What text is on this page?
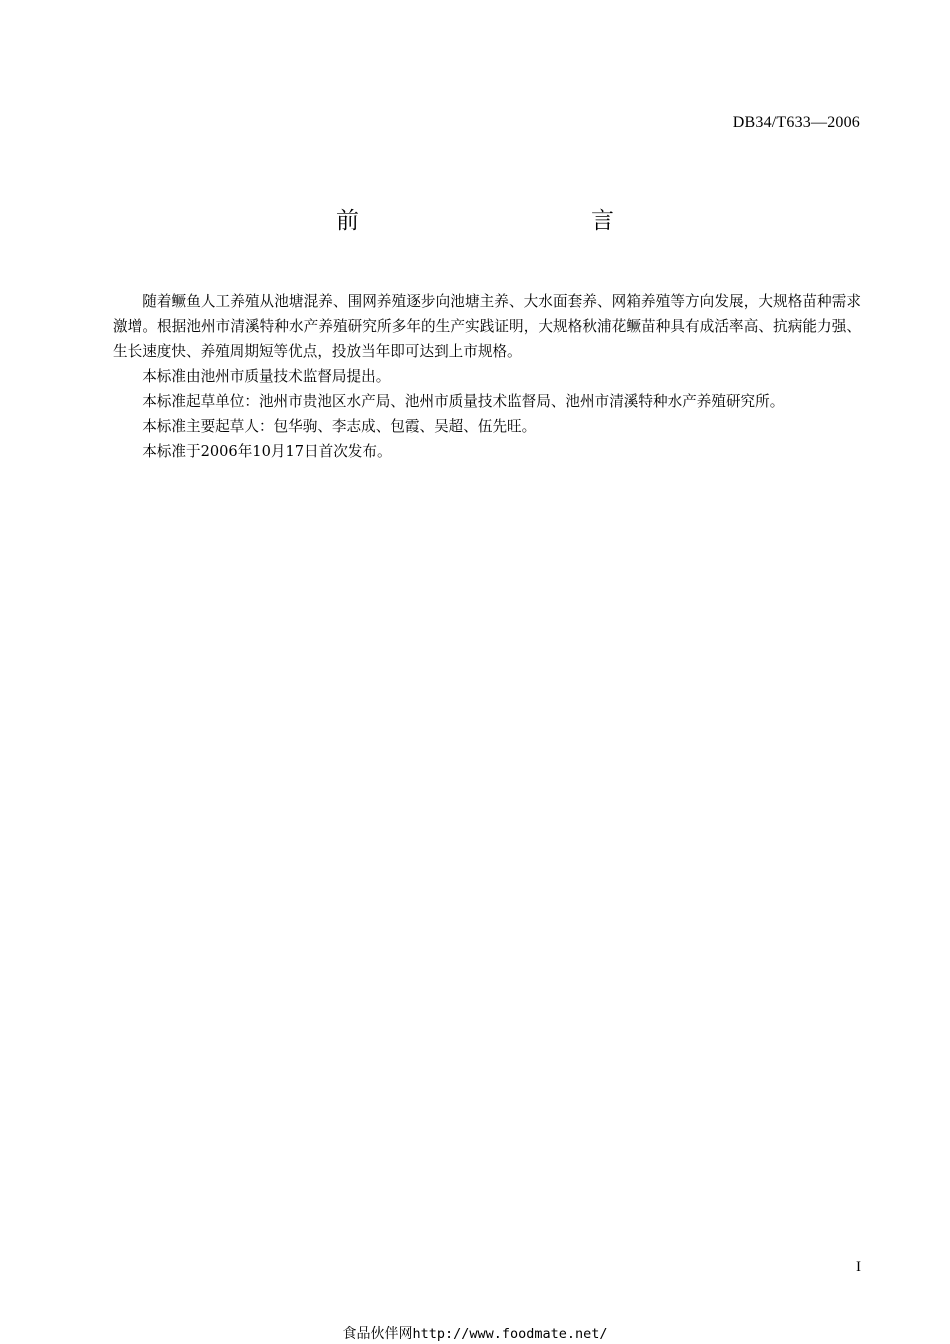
DB34/T633—2006
前　　言

随着鳜鱼人工养殖从池塘混养、围网养殖逐步向池塘主养、大水面套养、网箱养殖等方向发展，大规格苗种需求激增。根据池州市清溪特种水产养殖研究所多年的生产实践证明，大规格秋浦花鳜苗种具有成活率高、抗病能力强、生长速度快、养殖周期短等优点，投放当年即可达到上市规格。

本标准由池州市质量技术监督局提出。

本标准起草单位：池州市贵池区水产局、池州市质量技术监督局、池州市清溪特种水产养殖研究所。

本标准主要起草人：包华驹、李志成、包霞、吴超、伍先旺。

本标准于2006年10月17日首次发布。

I
食品伙伴网http://www.foodmate.net/
